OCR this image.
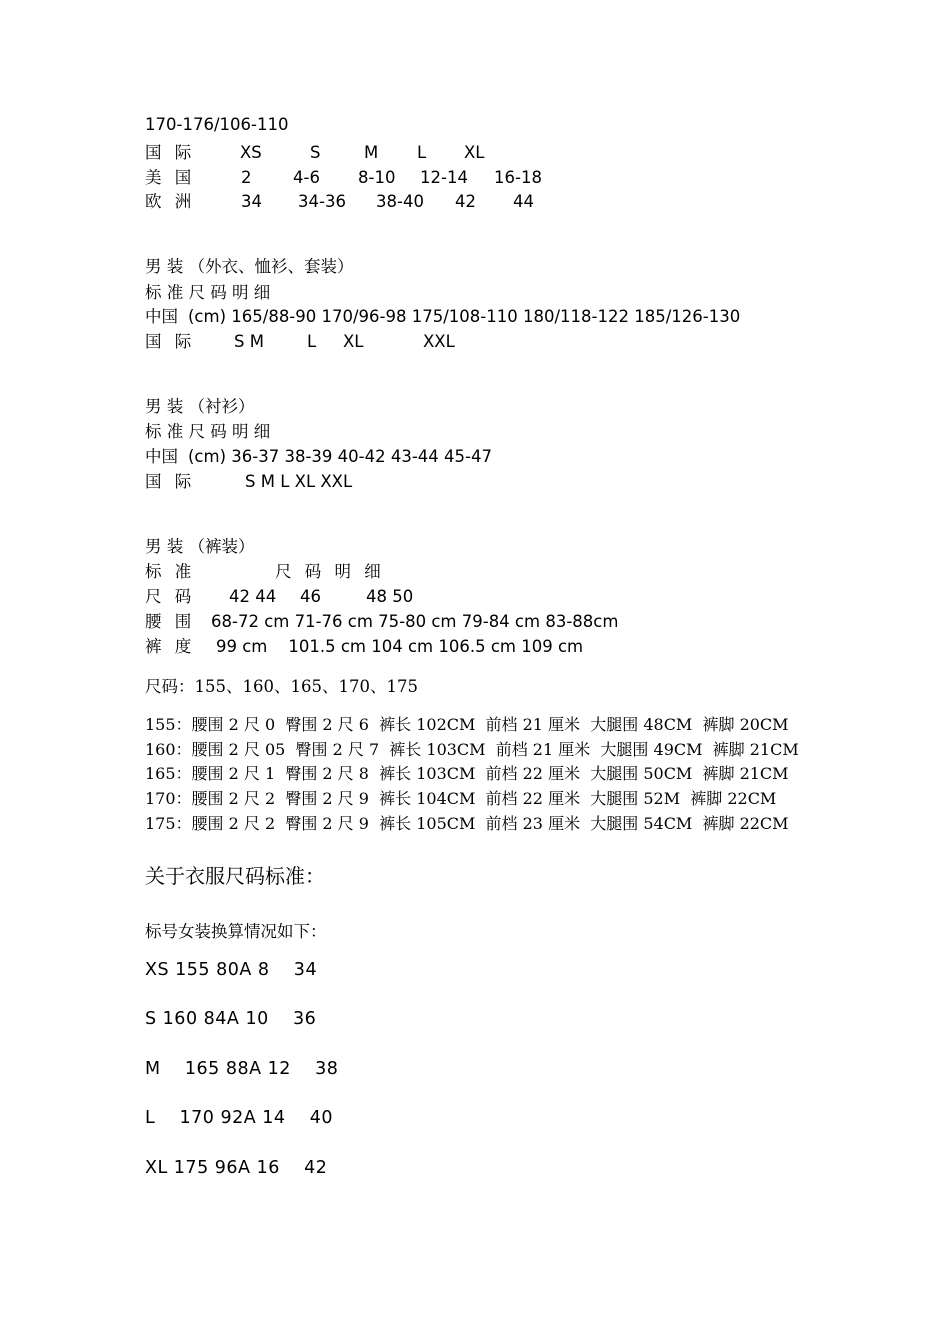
170-176/106-110
国 际	XS	S	M L XL
美 国	2	4-6 8-10 12-14 16-18
欧 洲	34 34-36 38-40 42 44
男 装 （外衣、恤衫、套装）
标 准 尺 码 明 细
中国 (cm) 165/88-90 170/96-98 175/108-110 180/118-122 185/126-130
国 际 S M	L XL	XXL
男 装 （衬衫）
标 准 尺 码 明 细
中国 (cm) 36-37 38-39 40-42 43-44 45-47
国 际	S M L XL XXL
男 装 （裤装）
标 准	尺 码 明 细
尺 码 42 44 46	48 50
腰 围 68-72 cm 71-76 cm 75-80 cm 79-84 cm 83-88cm
裤 度 99 cm    101.5 cm 104 cm 106.5 cm 109 cm
尺码：155、160、165、170、175
155：腰围 2 尺 0  臀围 2 尺 6  裤长 102CM  前档 21 厘米  大腿围 48CM  裤脚 20CM
160：腰围 2 尺 05  臀围 2 尺 7  裤长 103CM  前档 21 厘米  大腿围 49CM  裤脚 21CM
165：腰围 2 尺 1  臀围 2 尺 8  裤长 103CM  前档 22 厘米  大腿围 50CM  裤脚 21CM
170：腰围 2 尺 2  臀围 2 尺 9  裤长 104CM  前档 22 厘米  大腿围 52M  裤脚 22CM
175：腰围 2 尺 2  臀围 2 尺 9  裤长 105CM  前档 23 厘米  大腿围 54CM  裤脚 22CM
关于衣服尺码标准：
标号女装换算情况如下：
XS 155 80A 8    34
S 160 84A 10    36
M    165 88A 12    38
L    170 92A 14    40
XL 175 96A 16    42
